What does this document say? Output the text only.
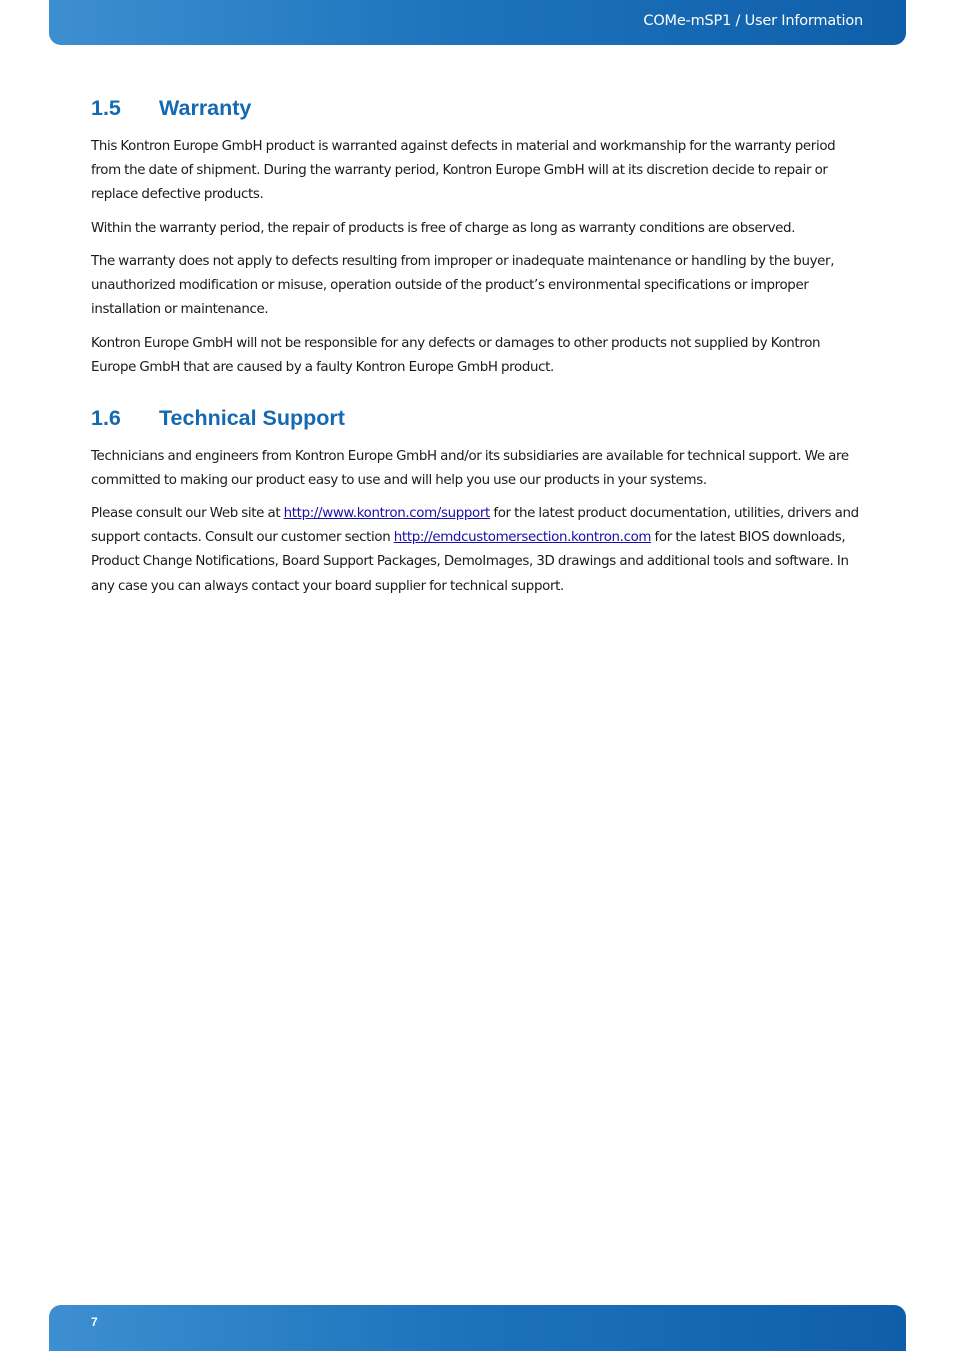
COMe-mSP1 / User Information
1.5 Warranty

This Kontron Europe GmbH product is warranted against defects in material and workmanship for the warranty period from the date of shipment. During the warranty period, Kontron Europe GmbH will at its discretion decide to repair or replace defective products.

Within the warranty period, the repair of products is free of charge as long as warranty conditions are observed.

The warranty does not apply to defects resulting from improper or inadequate maintenance or handling by the buyer, unauthorized modification or misuse, operation outside of the product’s environmental specifications or improper installation or maintenance.

Kontron Europe GmbH will not be responsible for any defects or damages to other products not supplied by Kontron Europe GmbH that are caused by a faulty Kontron Europe GmbH product.

1.6 Technical Support

Technicians and engineers from Kontron Europe GmbH and/or its subsidiaries are available for technical support. We are committed to making our product easy to use and will help you use our products in your systems.

Please consult our Web site at http://www.kontron.com/support for the latest product documentation, utilities, drivers and support contacts. Consult our customer section http://emdcustomersection.kontron.com for the latest BIOS downloads, Product Change Notifications, Board Support Packages, DemoImages, 3D drawings and additional tools and software. In any case you can always contact your board supplier for technical support.

7
